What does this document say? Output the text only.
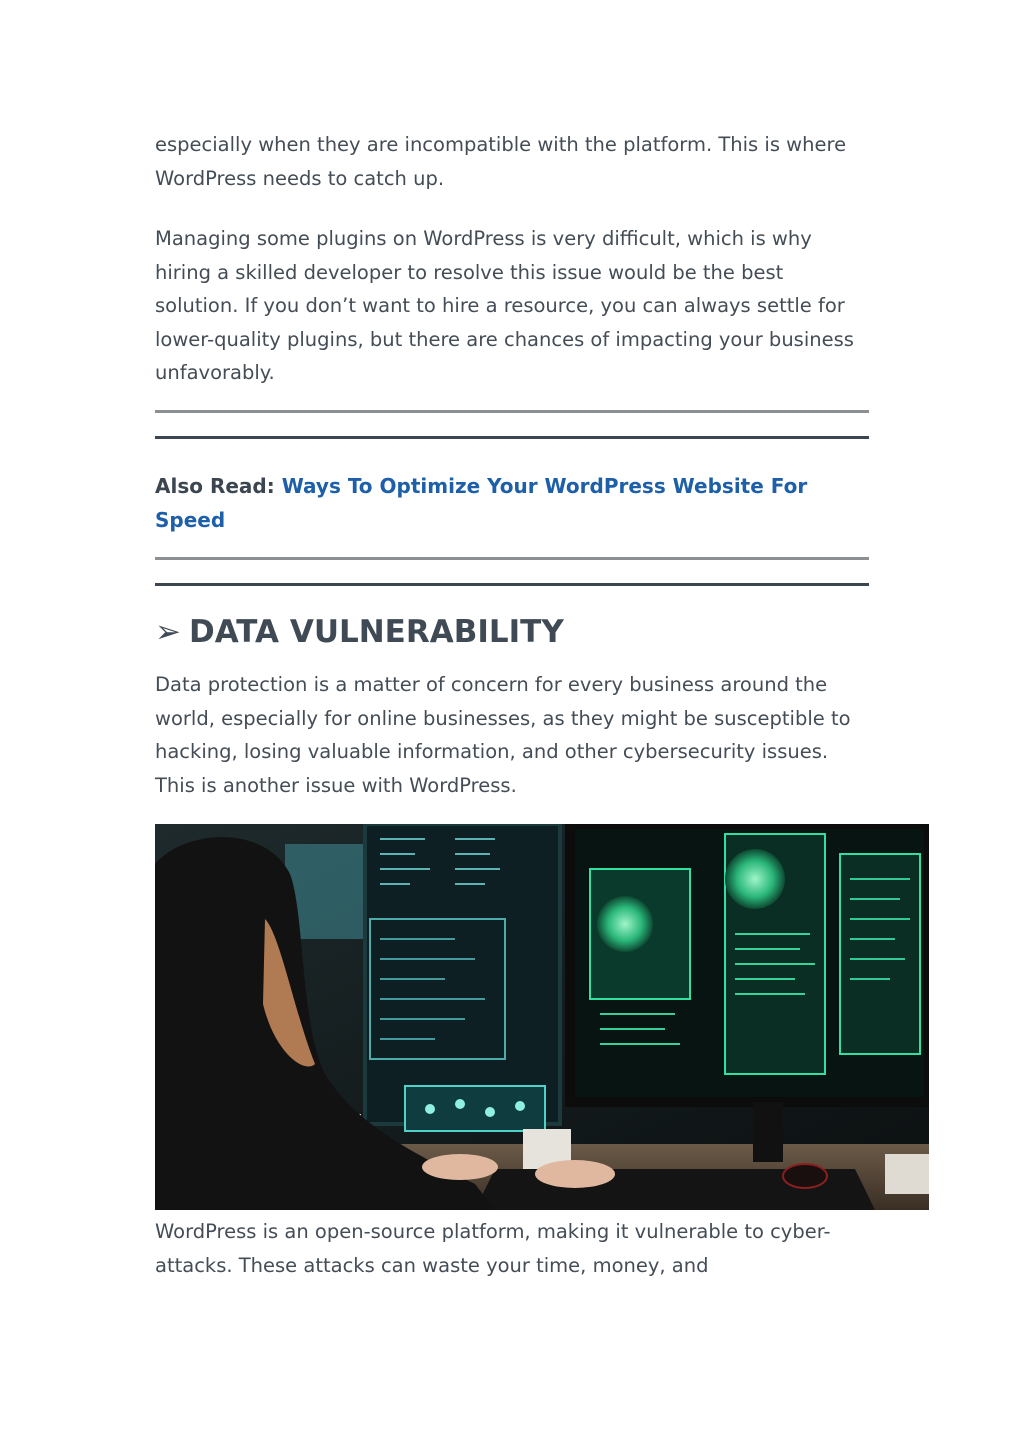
especially when they are incompatible with the platform. This is where WordPress needs to catch up.

Managing some plugins on WordPress is very difficult, which is why hiring a skilled developer to resolve this issue would be the best solution. If you don’t want to hire a resource, you can always settle for lower-quality plugins, but there are chances of impacting your business unfavorably.

Also Read: Ways To Optimize Your WordPress Website For Speed
➢ DATA VULNERABILITY

Data protection is a matter of concern for every business around the world, especially for online businesses, as they might be susceptible to hacking, losing valuable information, and other cybersecurity issues. This is another issue with WordPress.

WordPress is an open-source platform, making it vulnerable to cyber-attacks. These attacks can waste your time, money, and
